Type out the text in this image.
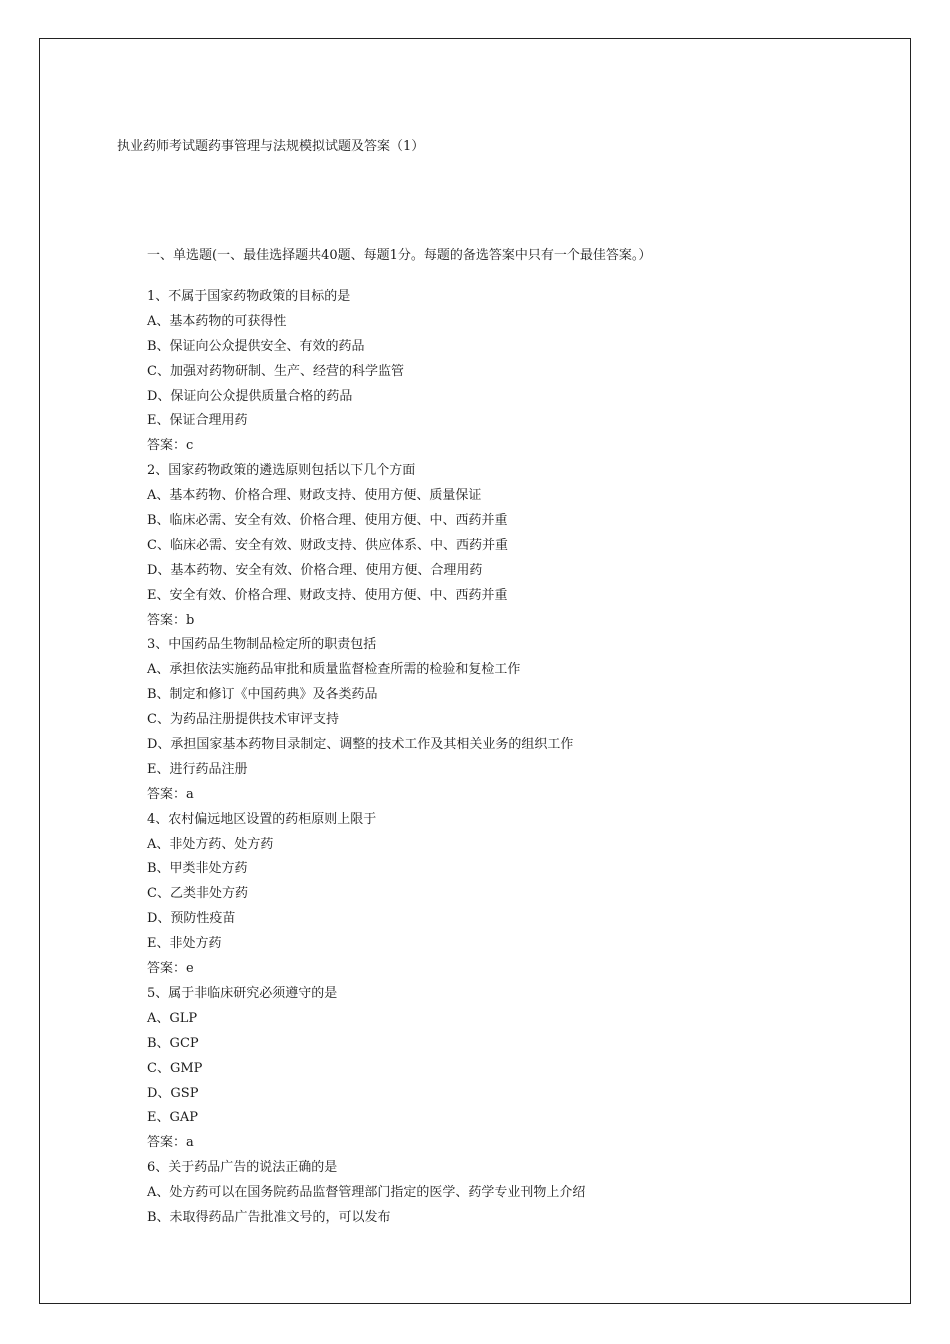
执业药师考试题药事管理与法规模拟试题及答案（1）
一、单选题(一、最佳选择题共40题、每题1分。每题的备选答案中只有一个最佳答案。）
1、不属于国家药物政策的目标的是
A、基本药物的可获得性
B、保证向公众提供安全、有效的药品
C、加强对药物研制、生产、经营的科学监管
D、保证向公众提供质量合格的药品
E、保证合理用药
答案：c
2、国家药物政策的遴选原则包括以下几个方面
A、基本药物、价格合理、财政支持、使用方便、质量保证
B、临床必需、安全有效、价格合理、使用方便、中、西药并重
C、临床必需、安全有效、财政支持、供应体系、中、西药并重
D、基本药物、安全有效、价格合理、使用方便、合理用药
E、安全有效、价格合理、财政支持、使用方便、中、西药并重
答案：b
3、中国药品生物制品检定所的职责包括
A、承担依法实施药品审批和质量监督检查所需的检验和复检工作
B、制定和修订《中国药典》及各类药品
C、为药品注册提供技术审评支持
D、承担国家基本药物目录制定、调整的技术工作及其相关业务的组织工作
E、进行药品注册
答案：a
4、农村偏远地区设置的药柜原则上限于
A、非处方药、处方药
B、甲类非处方药
C、乙类非处方药
D、预防性疫苗
E、非处方药
答案：e
5、属于非临床研究必须遵守的是
A、GLP
B、GCP
C、GMP
D、GSP
E、GAP
答案：a
6、关于药品广告的说法正确的是
A、处方药可以在国务院药品监督管理部门指定的医学、药学专业刊物上介绍
B、未取得药品广告批准文号的，可以发布
